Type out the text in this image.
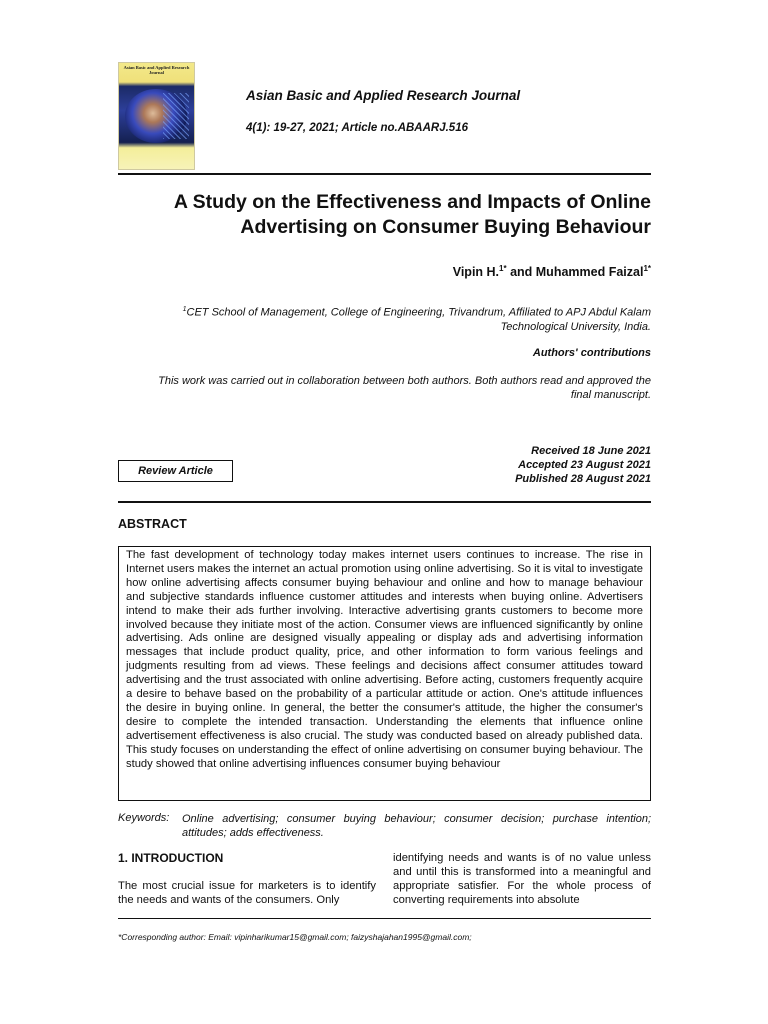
Asian Basic and Applied Research Journal
Asian Basic and Applied Research Journal
4(1): 19-27, 2021; Article no.ABAARJ.516
A Study on the Effectiveness and Impacts of Online
Advertising on Consumer Buying Behaviour
Vipin H.$^{1*}$ and Muhammed Faizal$^{1*}$
$^1$CET School of Management, College of Engineering, Trivandrum, Affiliated to APJ Abdul Kalam
Technological University, India.
Authors' contributions
This work was carried out in collaboration between both authors. Both authors read and approved the
final manuscript.
Received 18 June 2021
Accepted 23 August 2021
Published 28 August 2021
Review Article
ABSTRACT
The fast development of technology today makes internet users continues to increase. The rise in Internet users makes the internet an actual promotion using online advertising. So it is vital to investigate how online advertising affects consumer buying behaviour and online and how to manage behaviour and subjective standards influence customer attitudes and interests when buying online. Advertisers intend to make their ads further involving. Interactive advertising grants customers to become more involved because they initiate most of the action. Consumer views are influenced significantly by online advertising. Ads online are designed visually appealing or display ads and advertising information messages that include product quality, price, and other information to form various feelings and judgments resulting from ad views. These feelings and decisions affect consumer attitudes toward advertising and the trust associated with online advertising. Before acting, customers frequently acquire a desire to behave based on the probability of a particular attitude or action. One's attitude influences the desire in buying online. In general, the better the consumer's attitude, the higher the consumer's desire to complete the intended transaction. Understanding the elements that influence online advertisement effectiveness is also crucial. The study was conducted based on already published data. This study focuses on understanding the effect of online advertising on consumer buying behaviour. The study showed that online advertising influences consumer buying behaviour
Keywords: Online advertising; consumer buying behaviour; consumer decision; purchase intention; attitudes; adds effectiveness.
1. INTRODUCTION
The most crucial issue for marketers is to identify the needs and wants of the consumers. Only
identifying needs and wants is of no value unless and until this is transformed into a meaningful and appropriate satisfier. For the whole process of converting requirements into absolute
*Corresponding author: Email: vipinharikumar15@gmail.com; faizyshajahan1995@gmail.com;
